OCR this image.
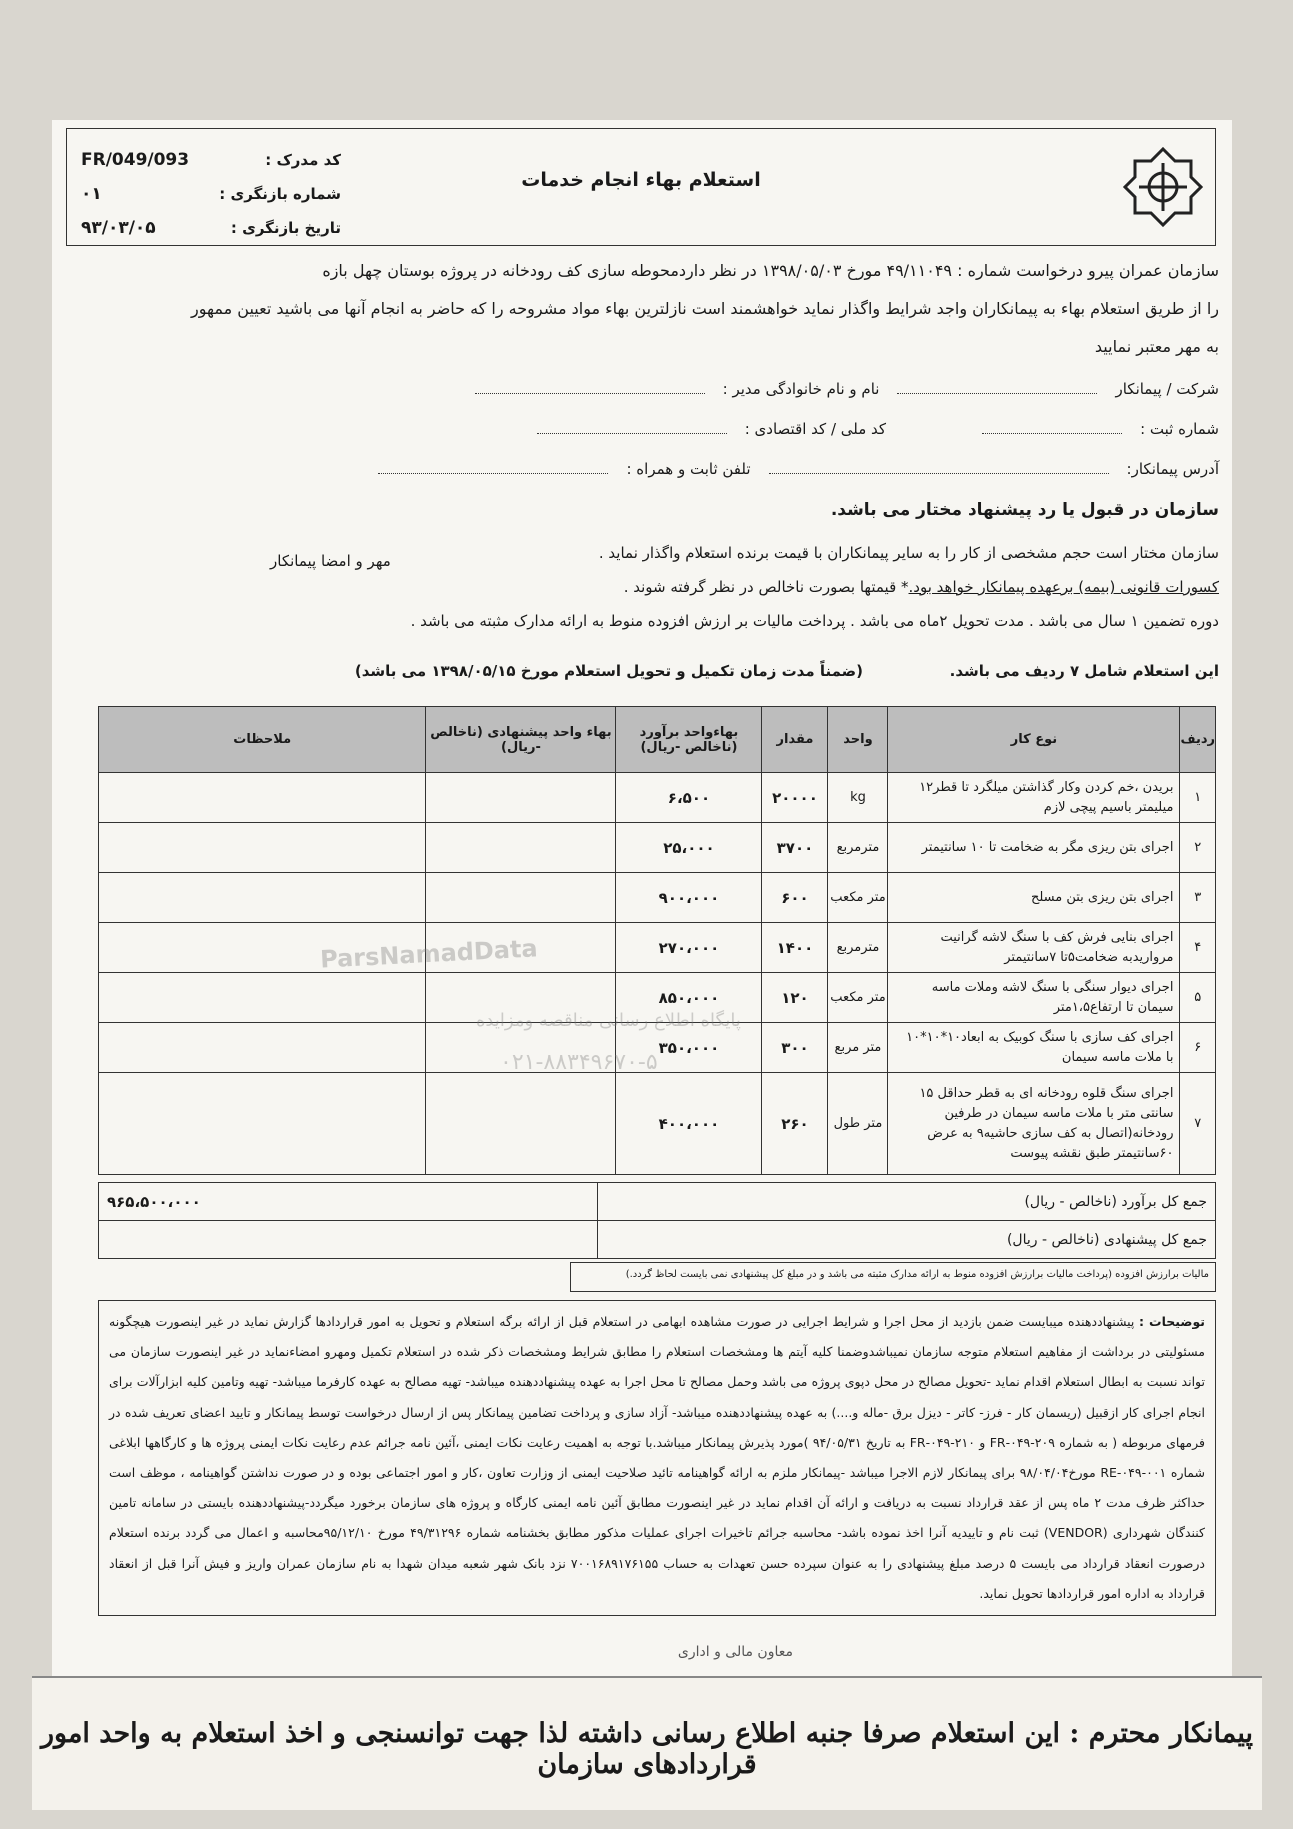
استعلام بهاء انجام خدمات
کد مدرک :
FR/049/093
شماره بازنگری :
۰۱
تاریخ بازنگری :
۹۳/۰۳/۰۵
سازمان عمران پیرو درخواست شماره : ۴۹/۱۱۰۴۹ مورخ ۱۳۹۸/۰۵/۰۳ در نظر داردمحوطه سازی کف رودخانه در پروژه بوستان چهل بازه
را از طریق استعلام بهاء به پیمانکاران واجد شرایط واگذار نماید خواهشمند است نازلترین بهاء مواد مشروحه را که حاضر به انجام آنها می باشید تعیین ممهور
به مهر معتبر نمایید
شرکت / پیمانکار
نام و نام خانوادگی مدیر :
شماره ثبت :
کد ملی / کد اقتصادی :
آدرس پیمانکار:
تلفن ثابت و همراه :
سازمان در قبول یا رد پیشنهاد مختار می باشد.
سازمان مختار است حجم مشخصی از کار را به سایر پیمانکاران با قیمت برنده استعلام واگذار نماید .
کسورات قانونی (بیمه) برعهده پیمانکار خواهد بود.* قیمتها بصورت ناخالص در نظر گرفته شوند .
دوره تضمین ۱ سال می باشد . مدت تحویل ۲ماه می باشد . پرداخت مالیات بر ارزش افزوده منوط به ارائه مدارک مثبته می باشد .
مهر و امضا پیمانکار
این استعلام شامل ۷ ردیف می باشد.
(ضمناً مدت زمان تکمیل و تحویل استعلام مورخ ۱۳۹۸/۰۵/۱۵ می باشد)
ردیف	نوع کار	واحد	مقدار	بهاءواحد برآورد (ناخالص -ریال)	بهاء واحد پیشنهادی (ناخالص -ریال)	ملاحظات
۱	بریدن ،خم کردن وکار گذاشتن میلگرد تا قطر۱۲ میلیمتر باسیم پیچی لازم	kg	۲۰۰۰۰	۶،۵۰۰		
۲	اجرای بتن ریزی مگر به ضخامت تا ۱۰ سانتیمتر	مترمربع	۳۷۰۰	۲۵،۰۰۰		
۳	اجرای بتن ریزی بتن مسلح	متر مکعب	۶۰۰	۹۰۰،۰۰۰		
۴	اجرای بنایی فرش کف با سنگ لاشه گرانیت مرواریدبه ضخامت۵تا ۷سانتیمتر	مترمربع	۱۴۰۰	۲۷۰،۰۰۰		
۵	اجرای دیوار سنگی با سنگ لاشه وملات ماسه سیمان تا ارتفاع۱،۵متر	متر مکعب	۱۲۰	۸۵۰،۰۰۰		
۶	اجرای کف سازی با سنگ کوبیک به ابعاد۱۰*۱۰*۱۰ با ملات ماسه سیمان	متر مربع	۳۰۰	۳۵۰،۰۰۰		
۷	اجرای سنگ قلوه رودخانه ای به قطر حداقل ۱۵ سانتی متر با ملات ماسه سیمان در طرفین رودخانه(اتصال به کف سازی حاشیه۹ به عرض ۶۰سانتیمتر طبق نقشه پیوست	متر طول	۲۶۰	۴۰۰،۰۰۰		
ParsNamadData
پایگاه اطلاع رسانی مناقصه ومزایده
۰۲۱-۸۸۳۴۹۶۷۰-۵
جمع کل برآورد (ناخالص - ریال)	۹۶۵،۵۰۰،۰۰۰
جمع کل پیشنهادی (ناخالص - ریال)	
مالیات برارزش افزوده (پرداخت مالیات برارزش افزوده منوط به ارائه مدارک مثبته می باشد و در مبلغ کل پیشنهادی نمی بایست لحاظ گردد.)
توضیحات : پیشنهاددهنده میبایست ضمن بازدید از محل اجرا و شرایط اجرایی در صورت مشاهده ابهامی در استعلام قبل از ارائه برگه استعلام و تحویل به امور قراردادها گزارش نماید در غیر اینصورت هیچگونه مسئولیتی در برداشت از مفاهیم استعلام متوجه سازمان نمیباشدوضمنا کلیه آیتم ها ومشخصات استعلام را مطابق شرایط ومشخصات ذکر شده در استعلام تکمیل ومهرو امضاءنماید در غیر اینصورت سازمان می تواند نسبت به ابطال استعلام اقدام نماید -تحویل مصالح در محل دپوی پروژه می باشد وحمل مصالح تا محل اجرا به عهده پیشنهاددهنده میباشد- تهیه مصالح به عهده کارفرما میباشد- تهیه وتامین کلیه ابزارآلات برای انجام اجرای کار ازقبیل (ریسمان کار - فرز- کاتر - دیزل برق -ماله و....) به عهده پیشنهاددهنده میباشد- آزاد سازی و پرداخت تضامین پیمانکار پس از ارسال درخواست توسط پیمانکار و تایید اعضای تعریف شده در فرمهای مربوطه ( به شماره ۲۰۹-۰۴۹-FR و ۲۱۰-۰۴۹-FR به تاریخ ۹۴/۰۵/۳۱ )مورد پذیرش پیمانکار میباشد.با توجه به اهمیت رعایت نکات ایمنی ،آئین نامه جرائم عدم رعایت نکات ایمنی پروژه ها و کارگاهها ابلاغی شماره ۰۰۱-۰۴۹-RE مورخ۹۸/۰۴/۰۴ برای پیمانکار لازم الاجرا میباشد -پیمانکار ملزم به ارائه گواهینامه تائید صلاحیت ایمنی از وزارت تعاون ،کار و امور اجتماعی بوده و در صورت نداشتن گواهینامه ، موظف است حداکثر ظرف مدت ۲ ماه پس از عقد قرارداد نسبت به دریافت و ارائه آن اقدام نماید در غیر اینصورت مطابق آئین نامه ایمنی کارگاه و پروژه های سازمان برخورد میگردد-پیشنهاددهنده بایستی در سامانه تامین کنندگان شهرداری (VENDOR) ثبت نام و تاییدیه آنرا اخذ نموده باشد- محاسبه جرائم تاخیرات اجرای عملیات مذکور مطابق بخشنامه شماره ۴۹/۳۱۲۹۶ مورخ ۹۵/۱۲/۱۰محاسبه و اعمال می گردد برنده استعلام درصورت انعقاد قرارداد می بایست ۵ درصد مبلغ پیشنهادی را به عنوان سپرده حسن تعهدات به حساب ۷۰۰۱۶۸۹۱۷۶۱۵۵ نزد بانک شهر شعبه میدان شهدا به نام سازمان عمران واریز و فیش آنرا قبل از انعقاد قرارداد به اداره امور قراردادها تحویل نماید.
معاون مالی و اداری
پیمانکار محترم : این استعلام صرفا جنبه اطلاع رسانی داشته لذا جهت توانسنجی و اخذ استعلام به واحد امور قراردادهای سازمان
